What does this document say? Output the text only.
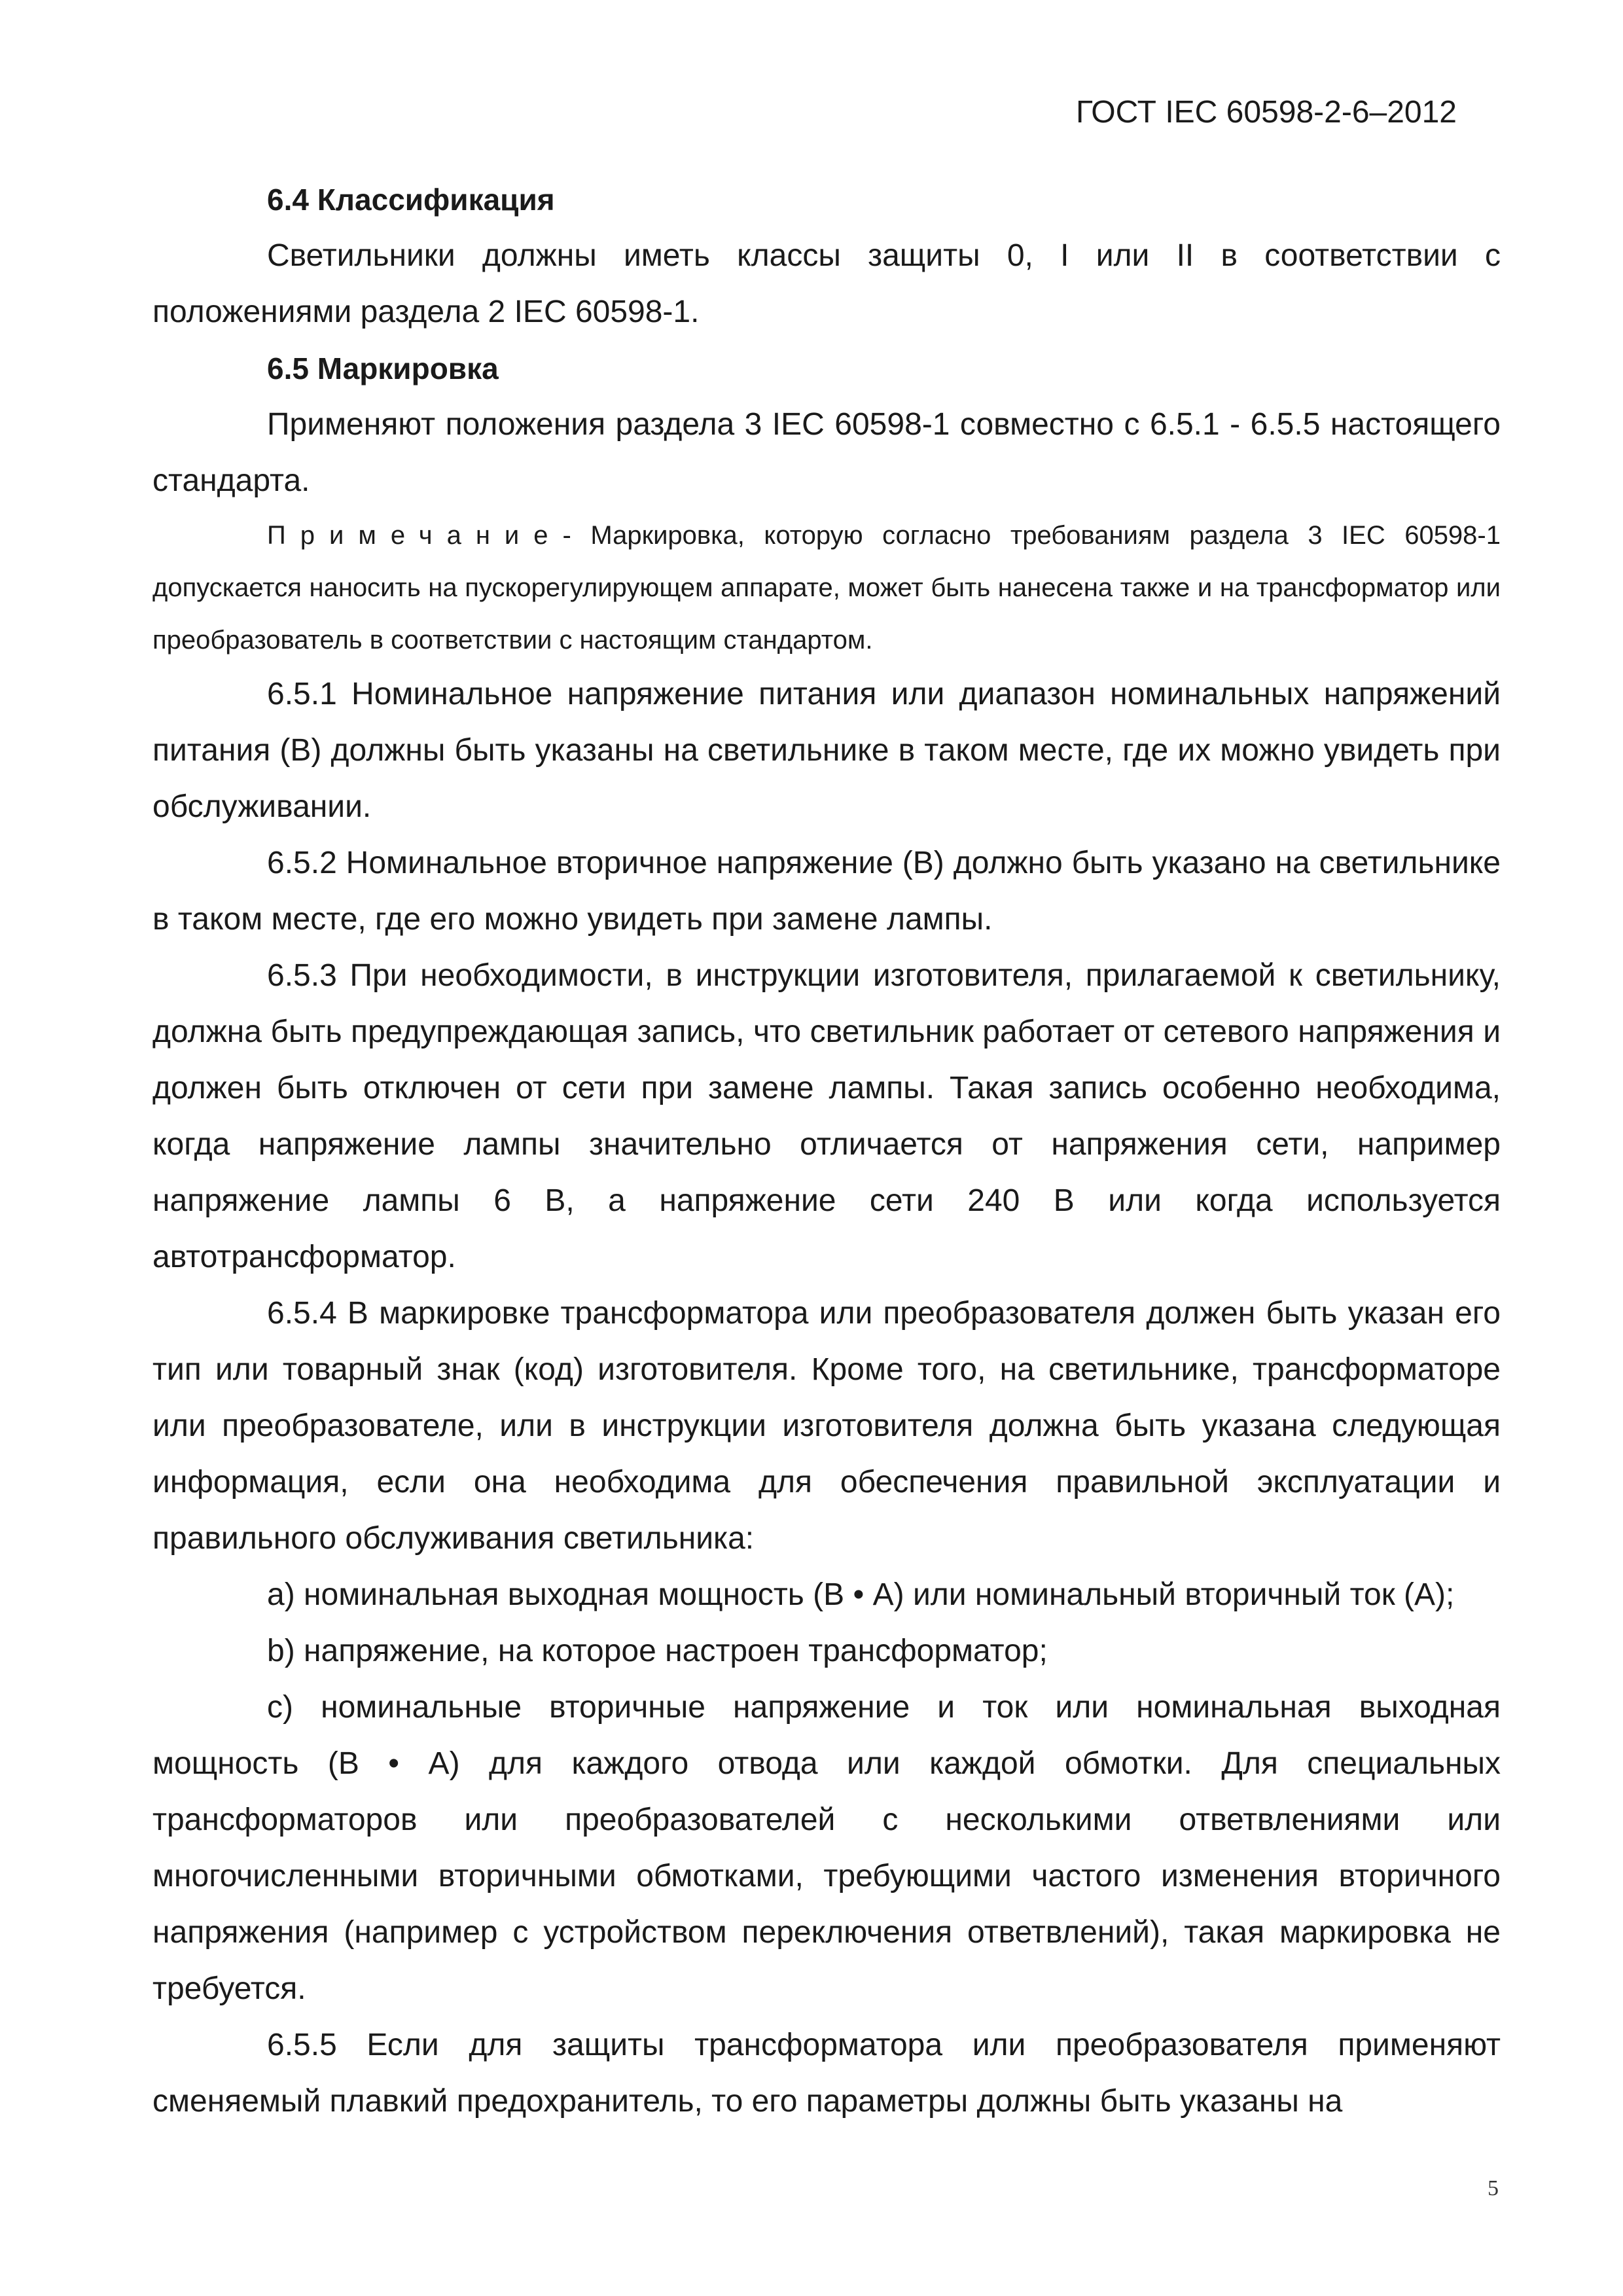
ГОСТ IEC 60598-2-6–2012

6.4 Классификация

Светильники должны иметь классы защиты 0, I или II в соответствии с положениями раздела 2 IEC 60598-1.

6.5 Маркировка

Применяют положения раздела 3 IEC 60598-1 совместно с 6.5.1 - 6.5.5 настоящего стандарта.

Примечание- Маркировка, которую согласно требованиям раздела 3 IEC 60598-1 допускается наносить на пускорегулирующем аппарате, может быть нанесена также и на трансформатор или преобразователь в соответствии с настоящим стандартом.

6.5.1 Номинальное напряжение питания или диапазон номинальных напряжений питания (В) должны быть указаны на светильнике в таком месте, где их можно увидеть при обслуживании.

6.5.2 Номинальное вторичное напряжение (В) должно быть указано на светильнике в таком месте, где его можно увидеть при замене лампы.

6.5.3 При необходимости, в инструкции изготовителя, прилагаемой к светильнику, должна быть предупреждающая запись, что светильник работает от сетевого напряжения и должен быть отключен от сети при замене лампы. Такая запись особенно необходима, когда напряжение лампы значительно отличается от напряжения сети, например напряжение лампы 6 В, а напряжение сети 240 В или когда используется автотрансформатор.

6.5.4 В маркировке трансформатора или преобразователя должен быть указан его тип или товарный знак (код) изготовителя. Кроме того, на светильнике, трансформаторе или преобразователе, или в инструкции изготовителя должна быть указана следующая информация, если она необходима для обеспечения правильной эксплуатации и правильного обслуживания светильника:

a) номинальная выходная мощность (В • А) или номинальный вторичный ток (А);

b) напряжение, на которое настроен трансформатор;

c) номинальные вторичные напряжение и ток или номинальная выходная мощность (В • А) для каждого отвода или каждой обмотки. Для специальных трансформаторов или преобразователей с несколькими ответвлениями или многочисленными вторичными обмотками, требующими частого изменения вторичного напряжения (например с устройством переключения ответвлений), такая маркировка не требуется.

6.5.5 Если для защиты трансформатора или преобразователя применяют сменяемый плавкий предохранитель, то его параметры должны быть указаны на

5
